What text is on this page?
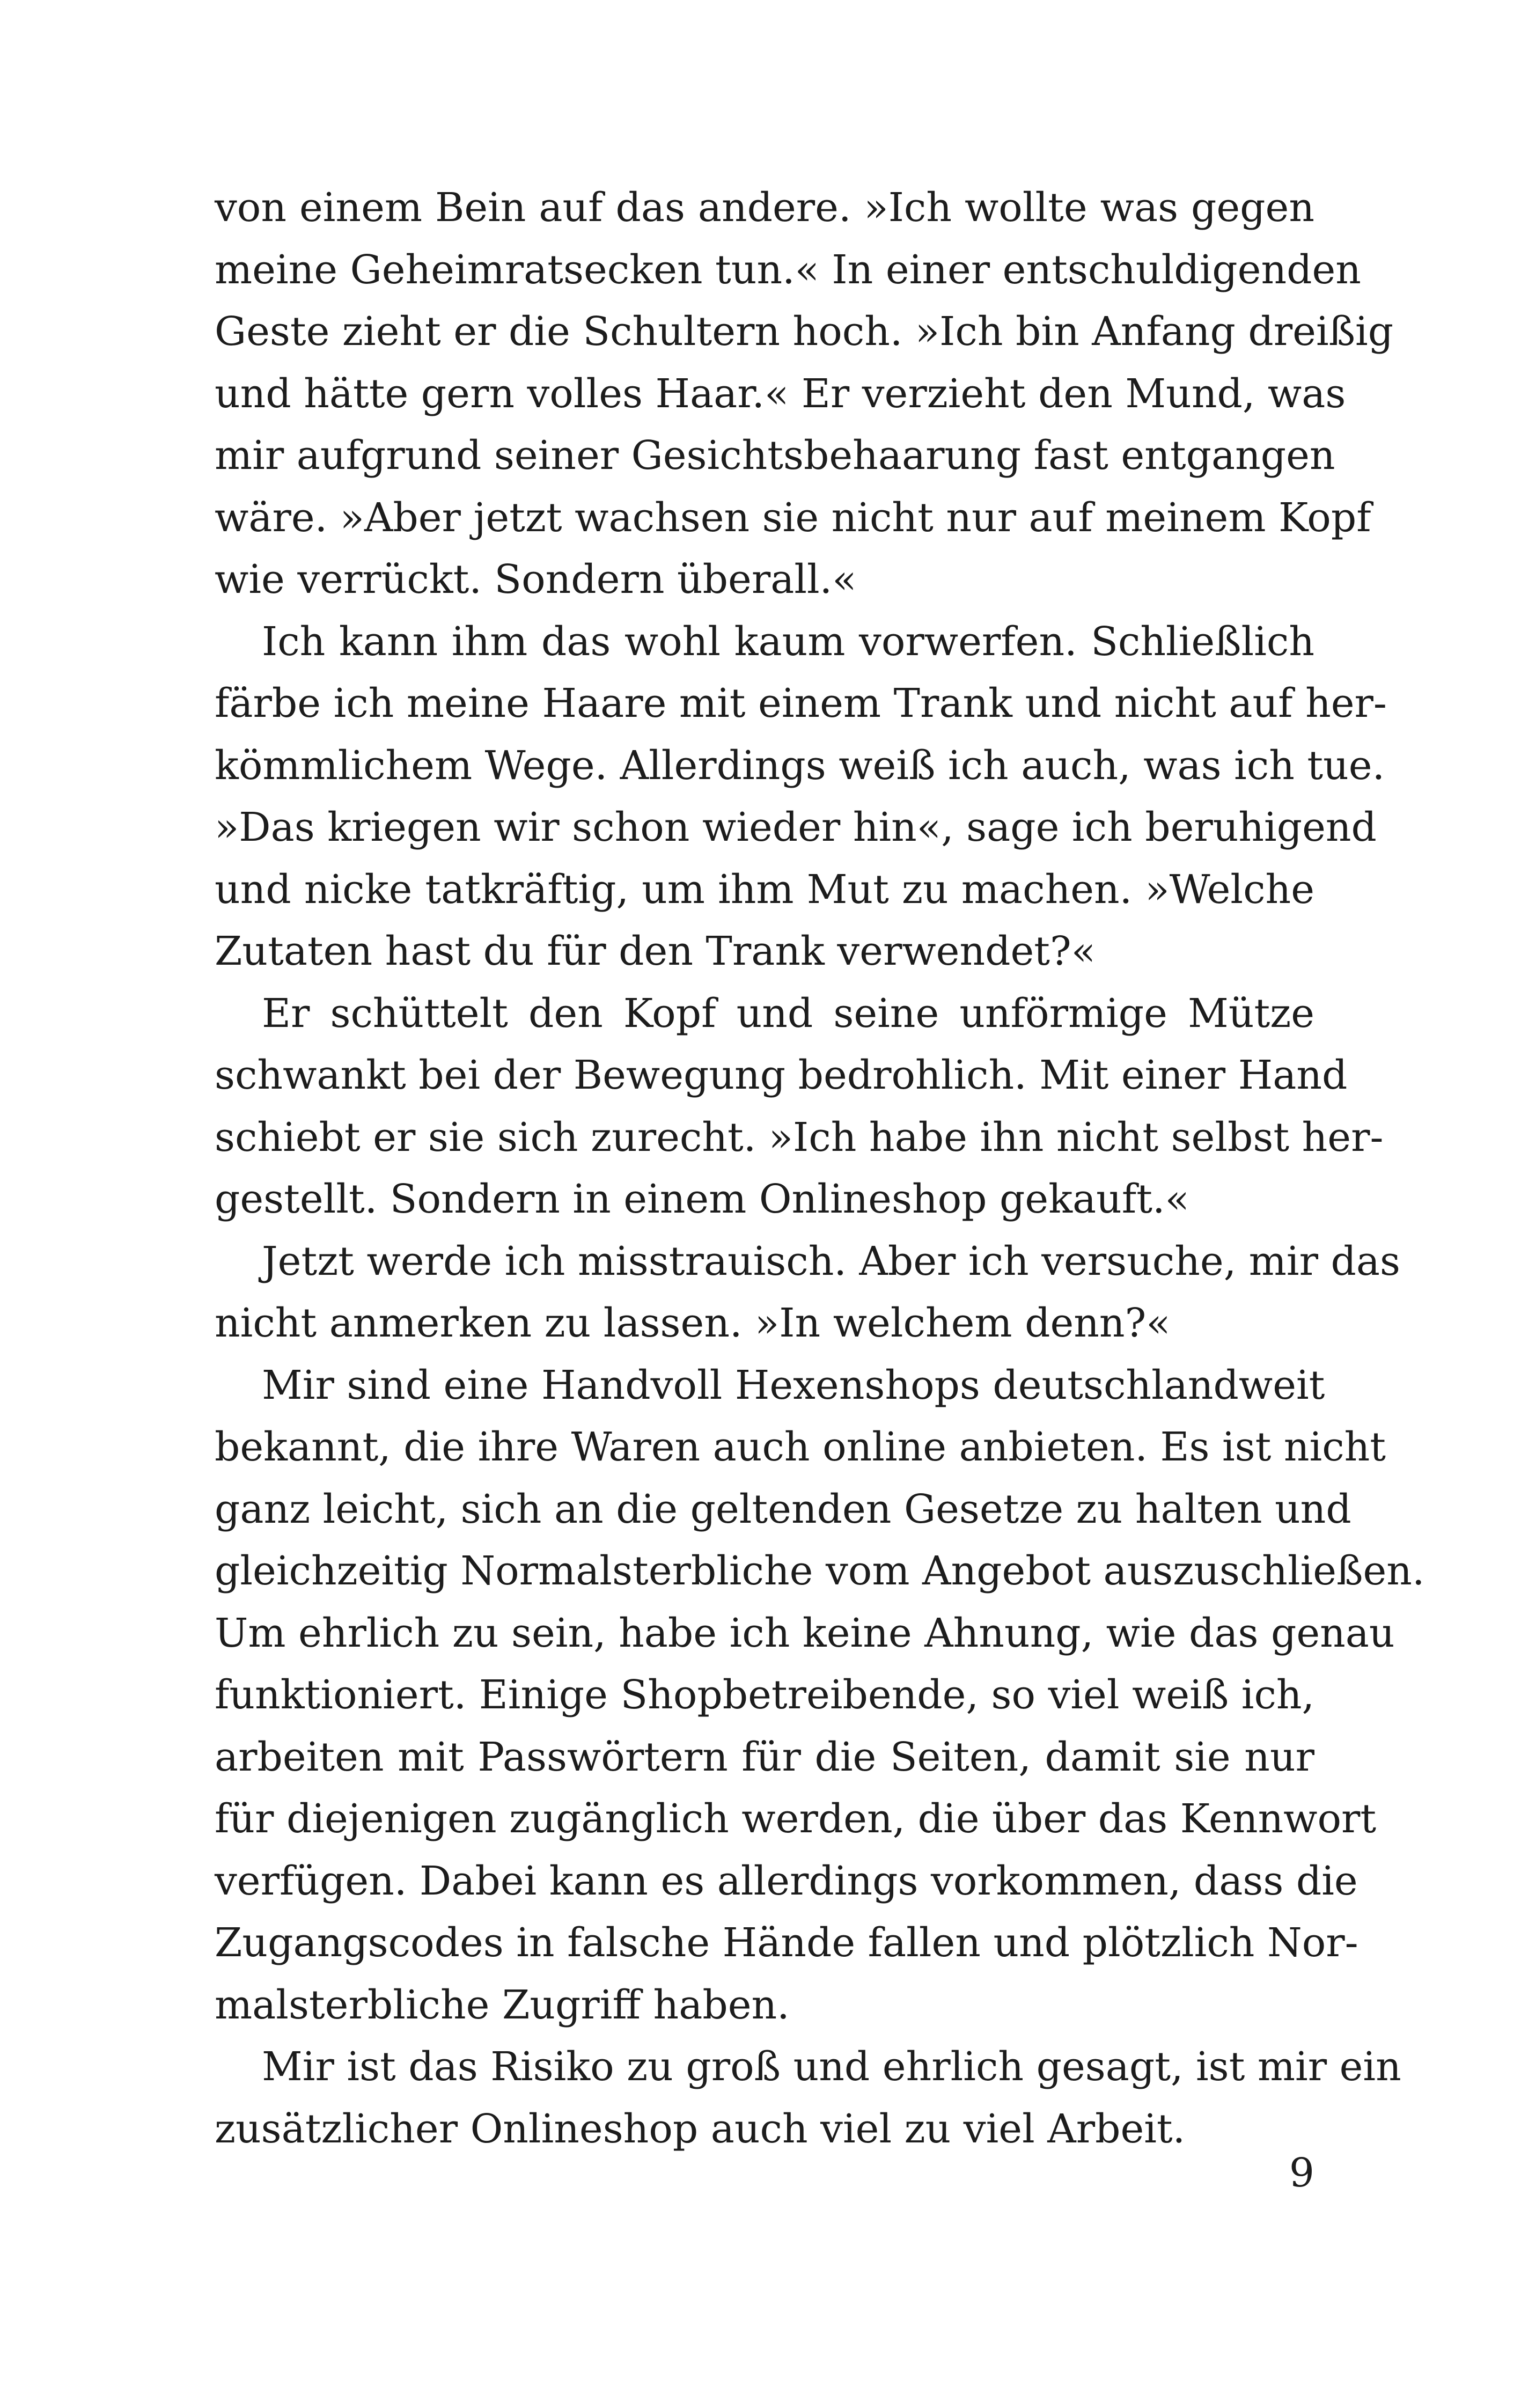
von einem Bein auf das andere. »Ich wollte was gegen
meine Geheimratsecken tun.« In einer entschuldigenden
Geste zieht er die Schultern hoch. »Ich bin Anfang dreißig
und hätte gern volles Haar.« Er verzieht den Mund, was
mir aufgrund seiner Gesichtsbehaarung fast entgangen
wäre. »Aber jetzt wachsen sie nicht nur auf meinem Kopf
wie verrückt. Sondern überall.«
Ich kann ihm das wohl kaum vorwerfen. Schließlich
färbe ich meine Haare mit einem Trank und nicht auf her-
kömmlichem Wege. Allerdings weiß ich auch, was ich tue.
»Das kriegen wir schon wieder hin«, sage ich beruhigend
und nicke tatkräftig, um ihm Mut zu machen. »Welche
Zutaten hast du für den Trank verwendet?«
Er schüttelt den Kopf und seine unförmige Mütze
schwankt bei der Bewegung bedrohlich. Mit einer Hand
schiebt er sie sich zurecht. »Ich habe ihn nicht selbst her-
gestellt. Sondern in einem Onlineshop gekauft.«
Jetzt werde ich misstrauisch. Aber ich versuche, mir das
nicht anmerken zu lassen. »In welchem denn?«
Mir sind eine Handvoll Hexenshops deutschlandweit
bekannt, die ihre Waren auch online anbieten. Es ist nicht
ganz leicht, sich an die geltenden Gesetze zu halten und
gleichzeitig Normalsterbliche vom Angebot auszuschließen.
Um ehrlich zu sein, habe ich keine Ahnung, wie das genau
funktioniert. Einige Shopbetreibende, so viel weiß ich,
arbeiten mit Passwörtern für die Seiten, damit sie nur
für diejenigen zugänglich werden, die über das Kennwort
verfügen. Dabei kann es allerdings vorkommen, dass die
Zugangscodes in falsche Hände fallen und plötzlich Nor-
malsterbliche Zugriff haben.
Mir ist das Risiko zu groß und ehrlich gesagt, ist mir ein
zusätzlicher Onlineshop auch viel zu viel Arbeit.
9
